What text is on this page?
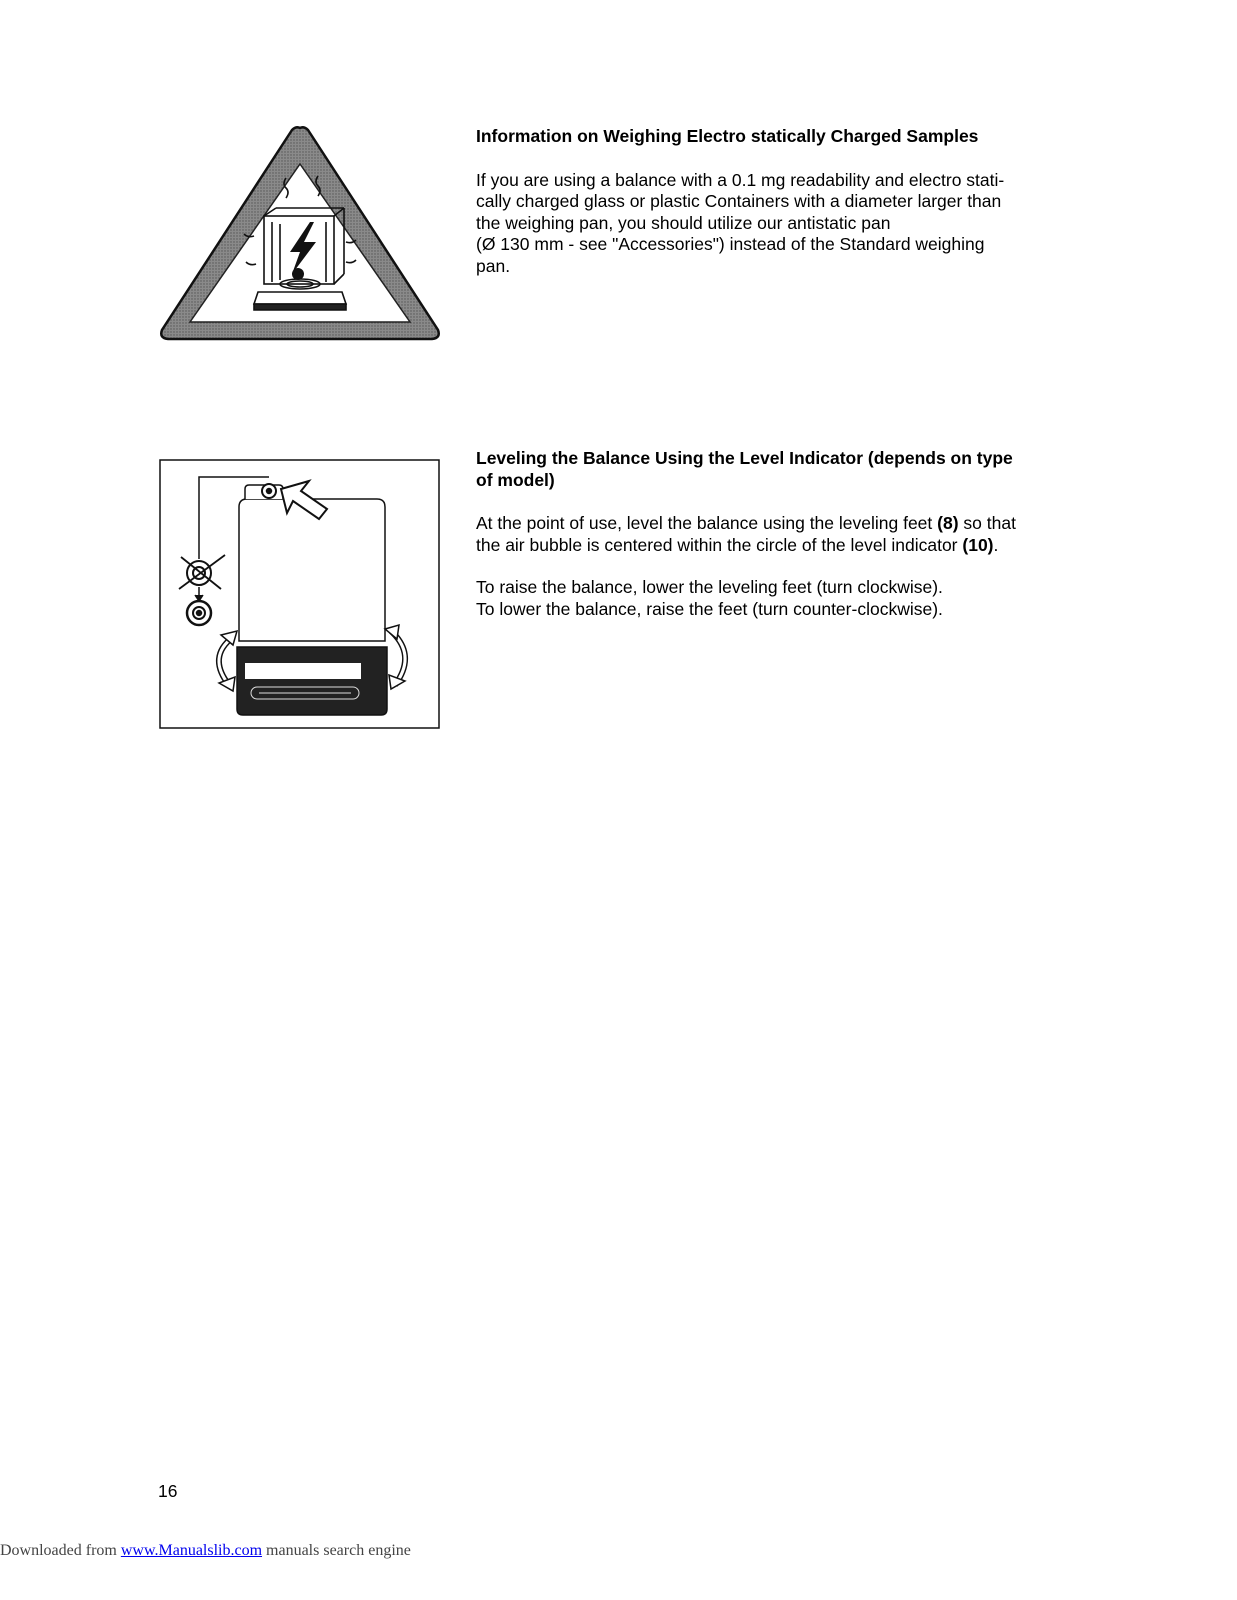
Information on Weighing Electro statically Charged Samples
If you are using a balance with a 0.1 mg readability and electro stati-
cally charged glass or plastic Containers with a diameter larger than
the weighing pan, you should utilize our antistatic pan
(Ø 130 mm - see "Accessories") instead of the Standard weighing
pan.
Leveling the Balance Using the Level Indicator (depends on type
of model)
At the point of use, level the balance using the leveling feet (8) so that
the air bubble is centered within the circle of the level indicator (10).
To raise the balance, lower the leveling feet (turn clockwise).
To lower the balance, raise the feet (turn counter-clockwise).
16
Downloaded from www.Manualslib.com manuals search engine
